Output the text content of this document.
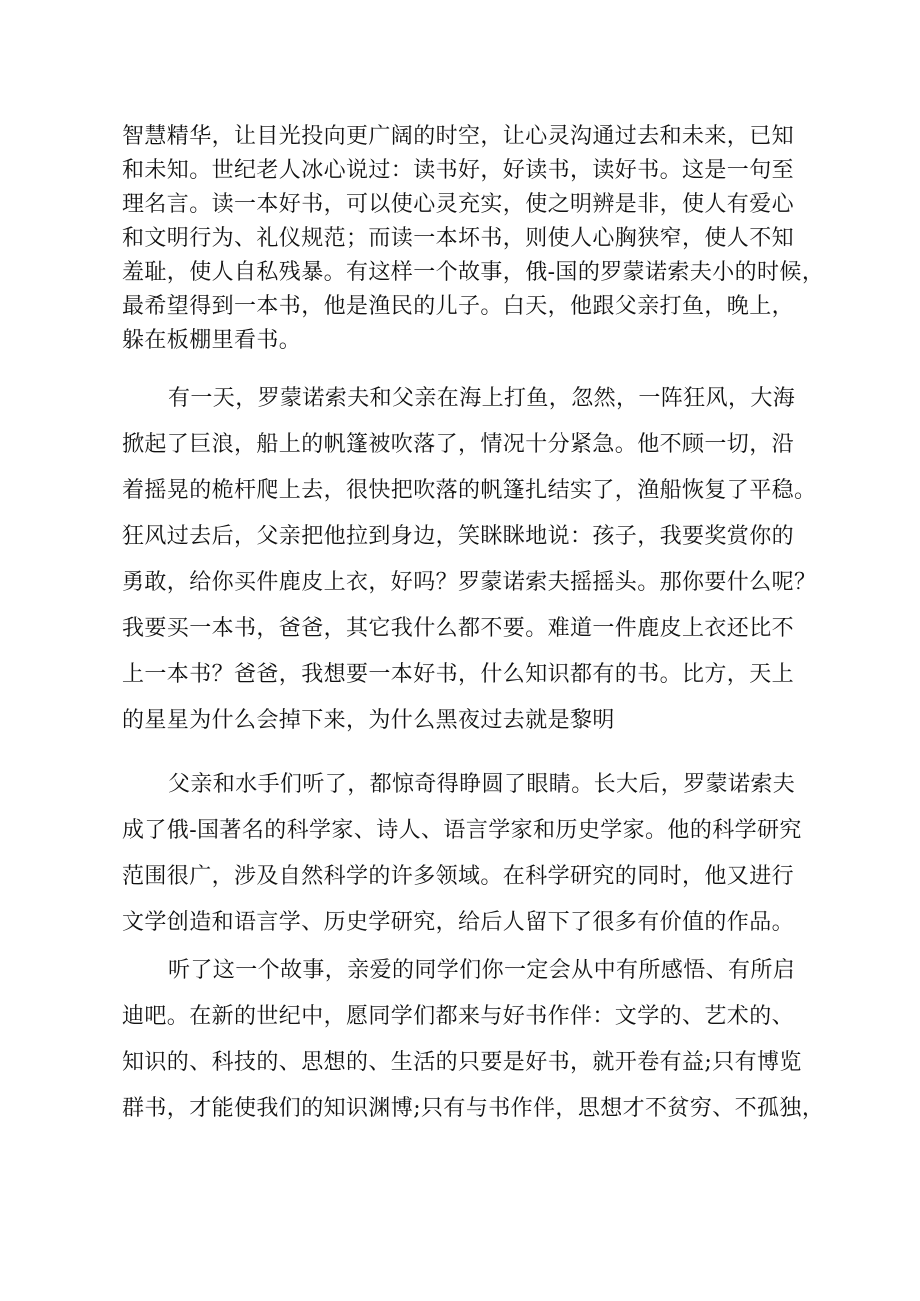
智慧精华，让目光投向更广阔的时空，让心灵沟通过去和未来，已知
和未知。世纪老人冰心说过：读书好，好读书，读好书。这是一句至
理名言。读一本好书，可以使心灵充实，使之明辨是非，使人有爱心
和文明行为、礼仪规范；而读一本坏书，则使人心胸狭窄，使人不知
羞耻，使人自私残暴。有这样一个故事，俄-国的罗蒙诺索夫小的时候，
最希望得到一本书，他是渔民的儿子。白天，他跟父亲打鱼，晚上，
躲在板棚里看书。
有一天，罗蒙诺索夫和父亲在海上打鱼，忽然，一阵狂风，大海
掀起了巨浪，船上的帆篷被吹落了，情况十分紧急。他不顾一切，沿
着摇晃的桅杆爬上去，很快把吹落的帆篷扎结实了，渔船恢复了平稳。
狂风过去后，父亲把他拉到身边，笑眯眯地说：孩子，我要奖赏你的
勇敢，给你买件鹿皮上衣，好吗？罗蒙诺索夫摇摇头。那你要什么呢？
我要买一本书，爸爸，其它我什么都不要。难道一件鹿皮上衣还比不
上一本书？爸爸，我想要一本好书，什么知识都有的书。比方，天上
的星星为什么会掉下来，为什么黑夜过去就是黎明
父亲和水手们听了，都惊奇得睁圆了眼睛。长大后，罗蒙诺索夫
成了俄-国著名的科学家、诗人、语言学家和历史学家。他的科学研究
范围很广，涉及自然科学的许多领域。在科学研究的同时，他又进行
文学创造和语言学、历史学研究，给后人留下了很多有价值的作品。
听了这一个故事，亲爱的同学们你一定会从中有所感悟、有所启
迪吧。在新的世纪中，愿同学们都来与好书作伴：文学的、艺术的、
知识的、科技的、思想的、生活的只要是好书，就开卷有益;只有博览
群书，才能使我们的知识渊博;只有与书作伴，思想才不贫穷、不孤独，
